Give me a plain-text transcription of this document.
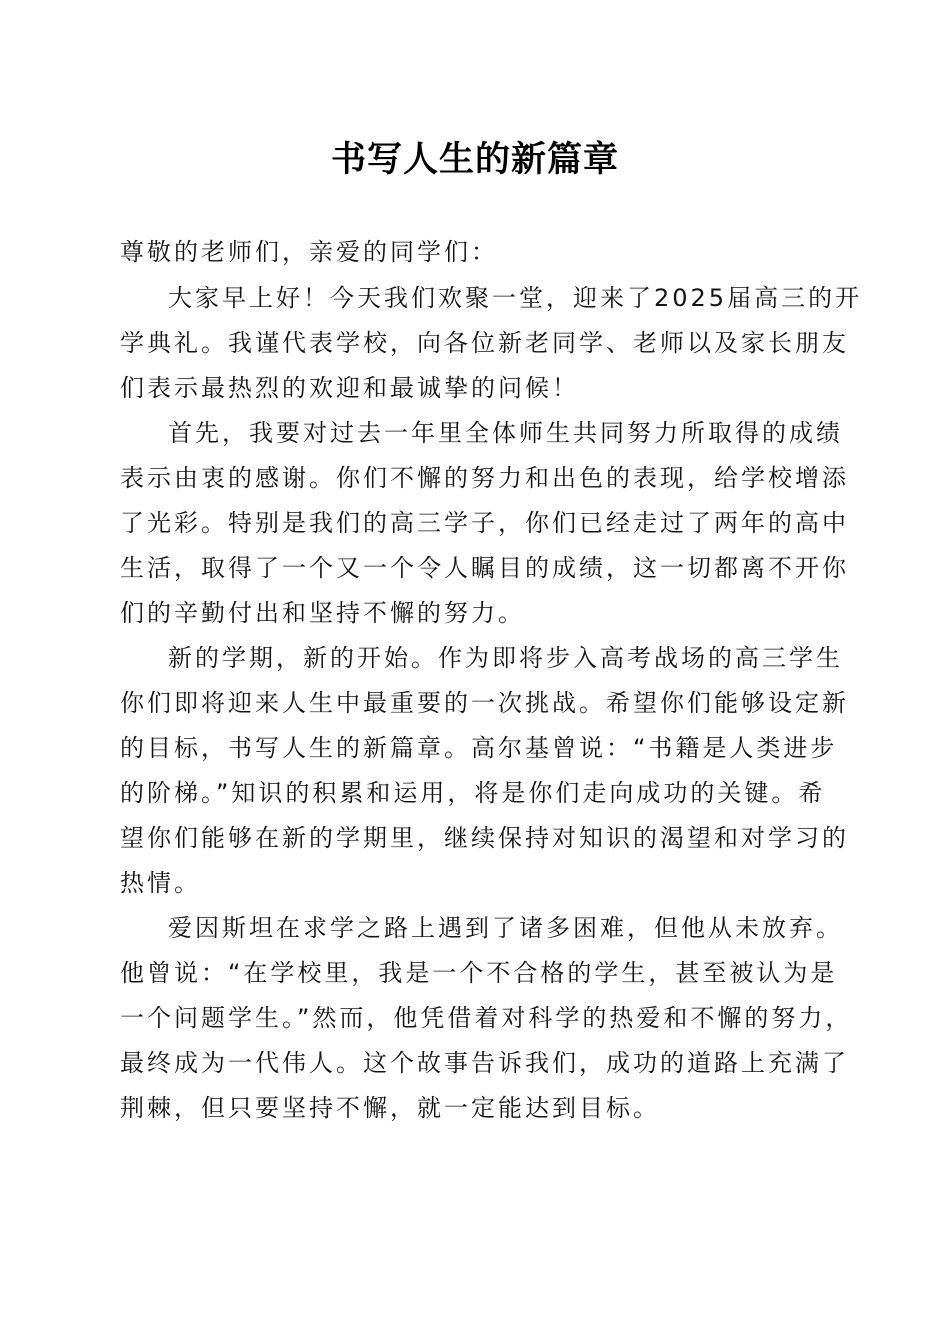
书写人生的新篇章
尊敬的老师们，亲爱的同学们：
大家早上好！今天我们欢聚一堂，迎来了2025届高三的开
学典礼。我谨代表学校，向各位新老同学、老师以及家长朋友
们表示最热烈的欢迎和最诚挚的问候！
首先，我要对过去一年里全体师生共同努力所取得的成绩
表示由衷的感谢。你们不懈的努力和出色的表现，给学校增添
了光彩。特别是我们的高三学子，你们已经走过了两年的高中
生活，取得了一个又一个令人瞩目的成绩，这一切都离不开你
们的辛勤付出和坚持不懈的努力。
新的学期，新的开始。作为即将步入高考战场的高三学生
你们即将迎来人生中最重要的一次挑战。希望你们能够设定新
的目标，书写人生的新篇章。高尔基曾说：“书籍是人类进步
的阶梯。”知识的积累和运用，将是你们走向成功的关键。希
望你们能够在新的学期里，继续保持对知识的渴望和对学习的
热情。
爱因斯坦在求学之路上遇到了诸多困难，但他从未放弃。
他曾说：“在学校里，我是一个不合格的学生，甚至被认为是
一个问题学生。”然而，他凭借着对科学的热爱和不懈的努力，
最终成为一代伟人。这个故事告诉我们，成功的道路上充满了
荆棘，但只要坚持不懈，就一定能达到目标。
